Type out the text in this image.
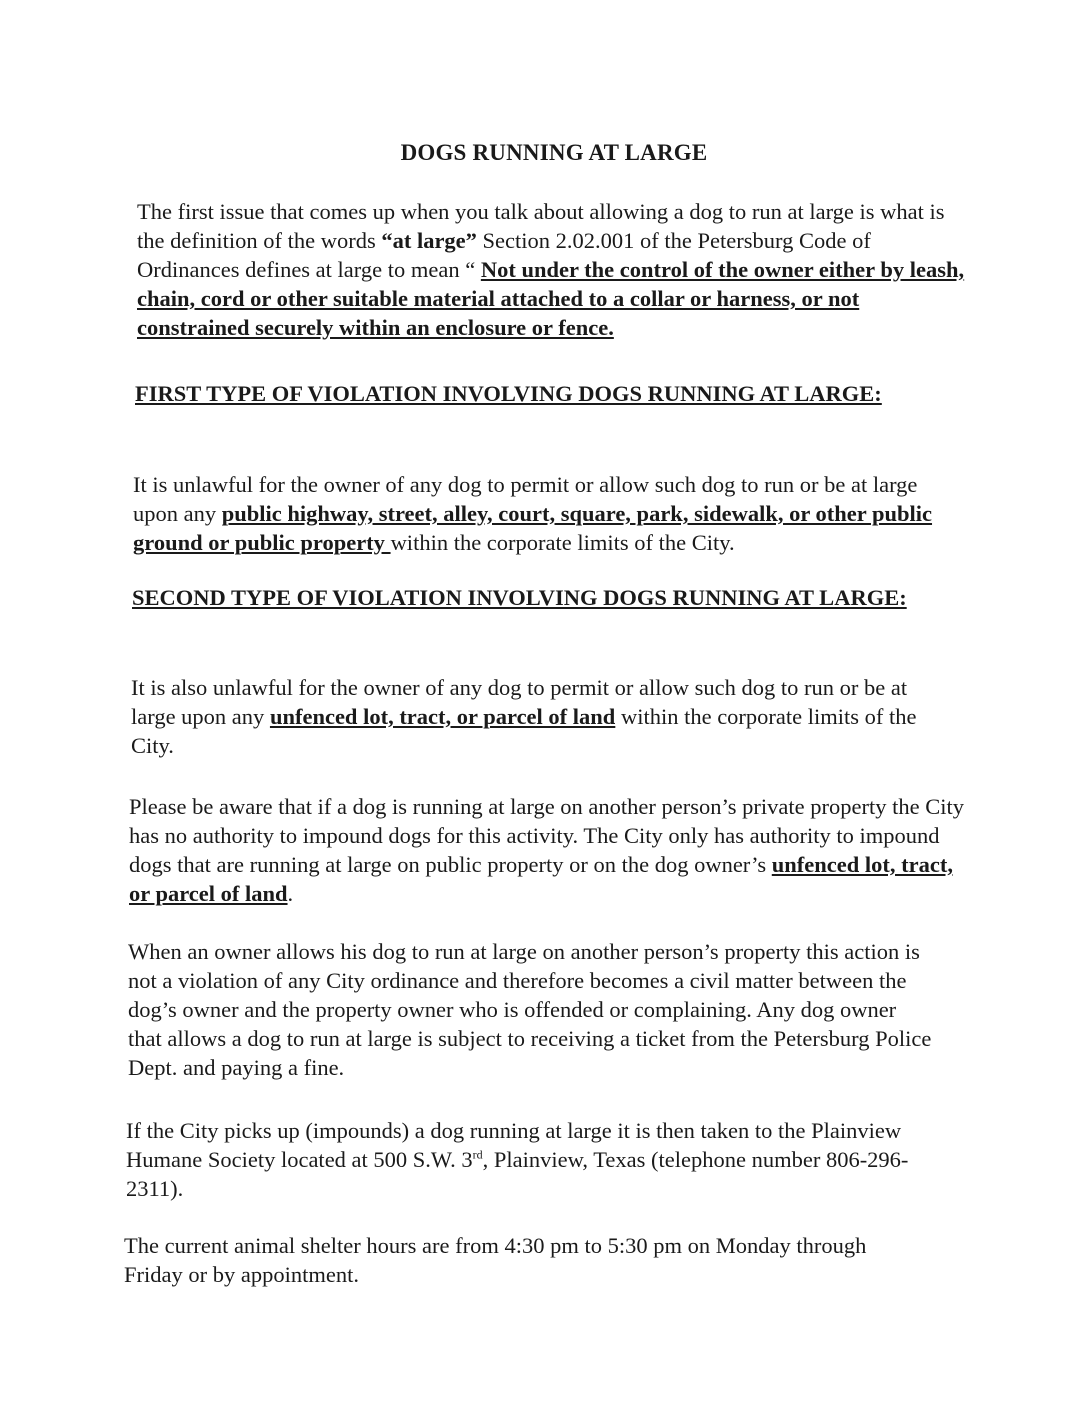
DOGS RUNNING AT LARGE

The first issue that comes up when you talk about allowing a dog to run at large is what is the definition of the words “at large” Section 2.02.001 of the Petersburg Code of Ordinances defines at large to mean “ Not under the control of the owner either by leash, chain, cord or other suitable material attached to a collar or harness, or not constrained securely within an enclosure or fence.

FIRST TYPE OF VIOLATION INVOLVING DOGS RUNNING AT LARGE:

It is unlawful for the owner of any dog to permit or allow such dog to run or be at large upon any public highway, street, alley, court, square, park, sidewalk, or other public ground or public property within the corporate limits of the City.

SECOND TYPE OF VIOLATION INVOLVING DOGS RUNNING AT LARGE:

It is also unlawful for the owner of any dog to permit or allow such dog to run or be at large upon any unfenced lot, tract, or parcel of land within the corporate limits of the City.

Please be aware that if a dog is running at large on another person’s private property the City has no authority to impound dogs for this activity. The City only has authority to impound dogs that are running at large on public property or on the dog owner’s unfenced lot, tract, or parcel of land.

When an owner allows his dog to run at large on another person’s property this action is not a violation of any City ordinance and therefore becomes a civil matter between the dog’s owner and the property owner who is offended or complaining. Any dog owner that allows a dog to run at large is subject to receiving a ticket from the Petersburg Police Dept. and paying a fine.

If the City picks up (impounds) a dog running at large it is then taken to the Plainview Humane Society located at 500 S.W. 3rd, Plainview, Texas (telephone number 806-296-2311).

The current animal shelter hours are from 4:30 pm to 5:30 pm on Monday through Friday or by appointment.
